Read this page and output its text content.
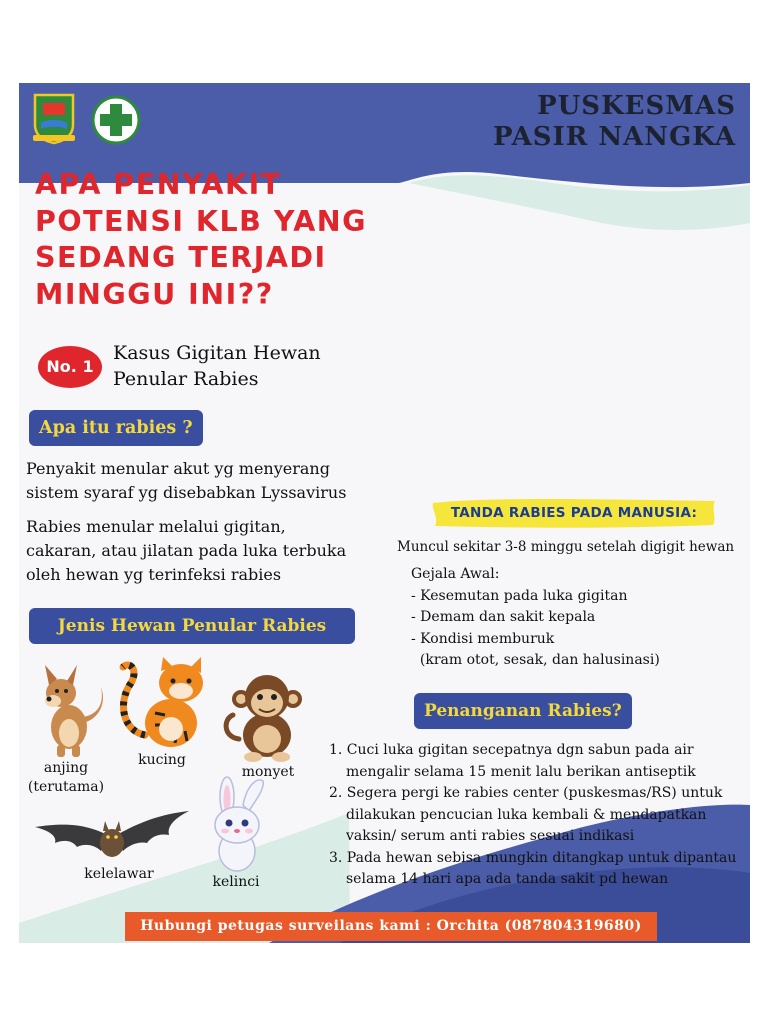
PUSKESMAS
PASIR NANGKA
APA PENYAKIT
POTENSI KLB YANG
SEDANG TERJADI
MINGGU INI??
No. 1
Kasus Gigitan Hewan
Penular Rabies
Apa itu rabies ?

Penyakit menular akut yg menyerang
sistem syaraf yg disebabkan Lyssavirus

Rabies menular melalui gigitan,
cakaran, atau jilatan pada luka terbuka
oleh hewan yg terinfeksi rabies

Jenis Hewan Penular Rabies
anjing
(terutama)
kucing
monyet
kelelawar	kelinci
TANDA RABIES PADA MANUSIA:
Muncul sekitar 3-8 minggu setelah digigit hewan
Gejala Awal:
- Kesemutan pada luka gigitan
- Demam dan sakit kepala
- Kondisi memburuk
(kram otot, sesak, dan halusinasi)
Penanganan Rabies?
1. Cuci luka gigitan secepatnya dgn sabun pada air mengalir selama 15 menit lalu berikan antiseptik
2. Segera pergi ke rabies center (puskesmas/RS) untuk dilakukan pencucian luka kembali & mendapatkan vaksin/ serum anti rabies sesuai indikasi
3. Pada hewan sebisa mungkin ditangkap untuk dipantau selama 14 hari apa ada tanda sakit pd hewan
Hubungi petugas surveilans kami : Orchita (087804319680)
